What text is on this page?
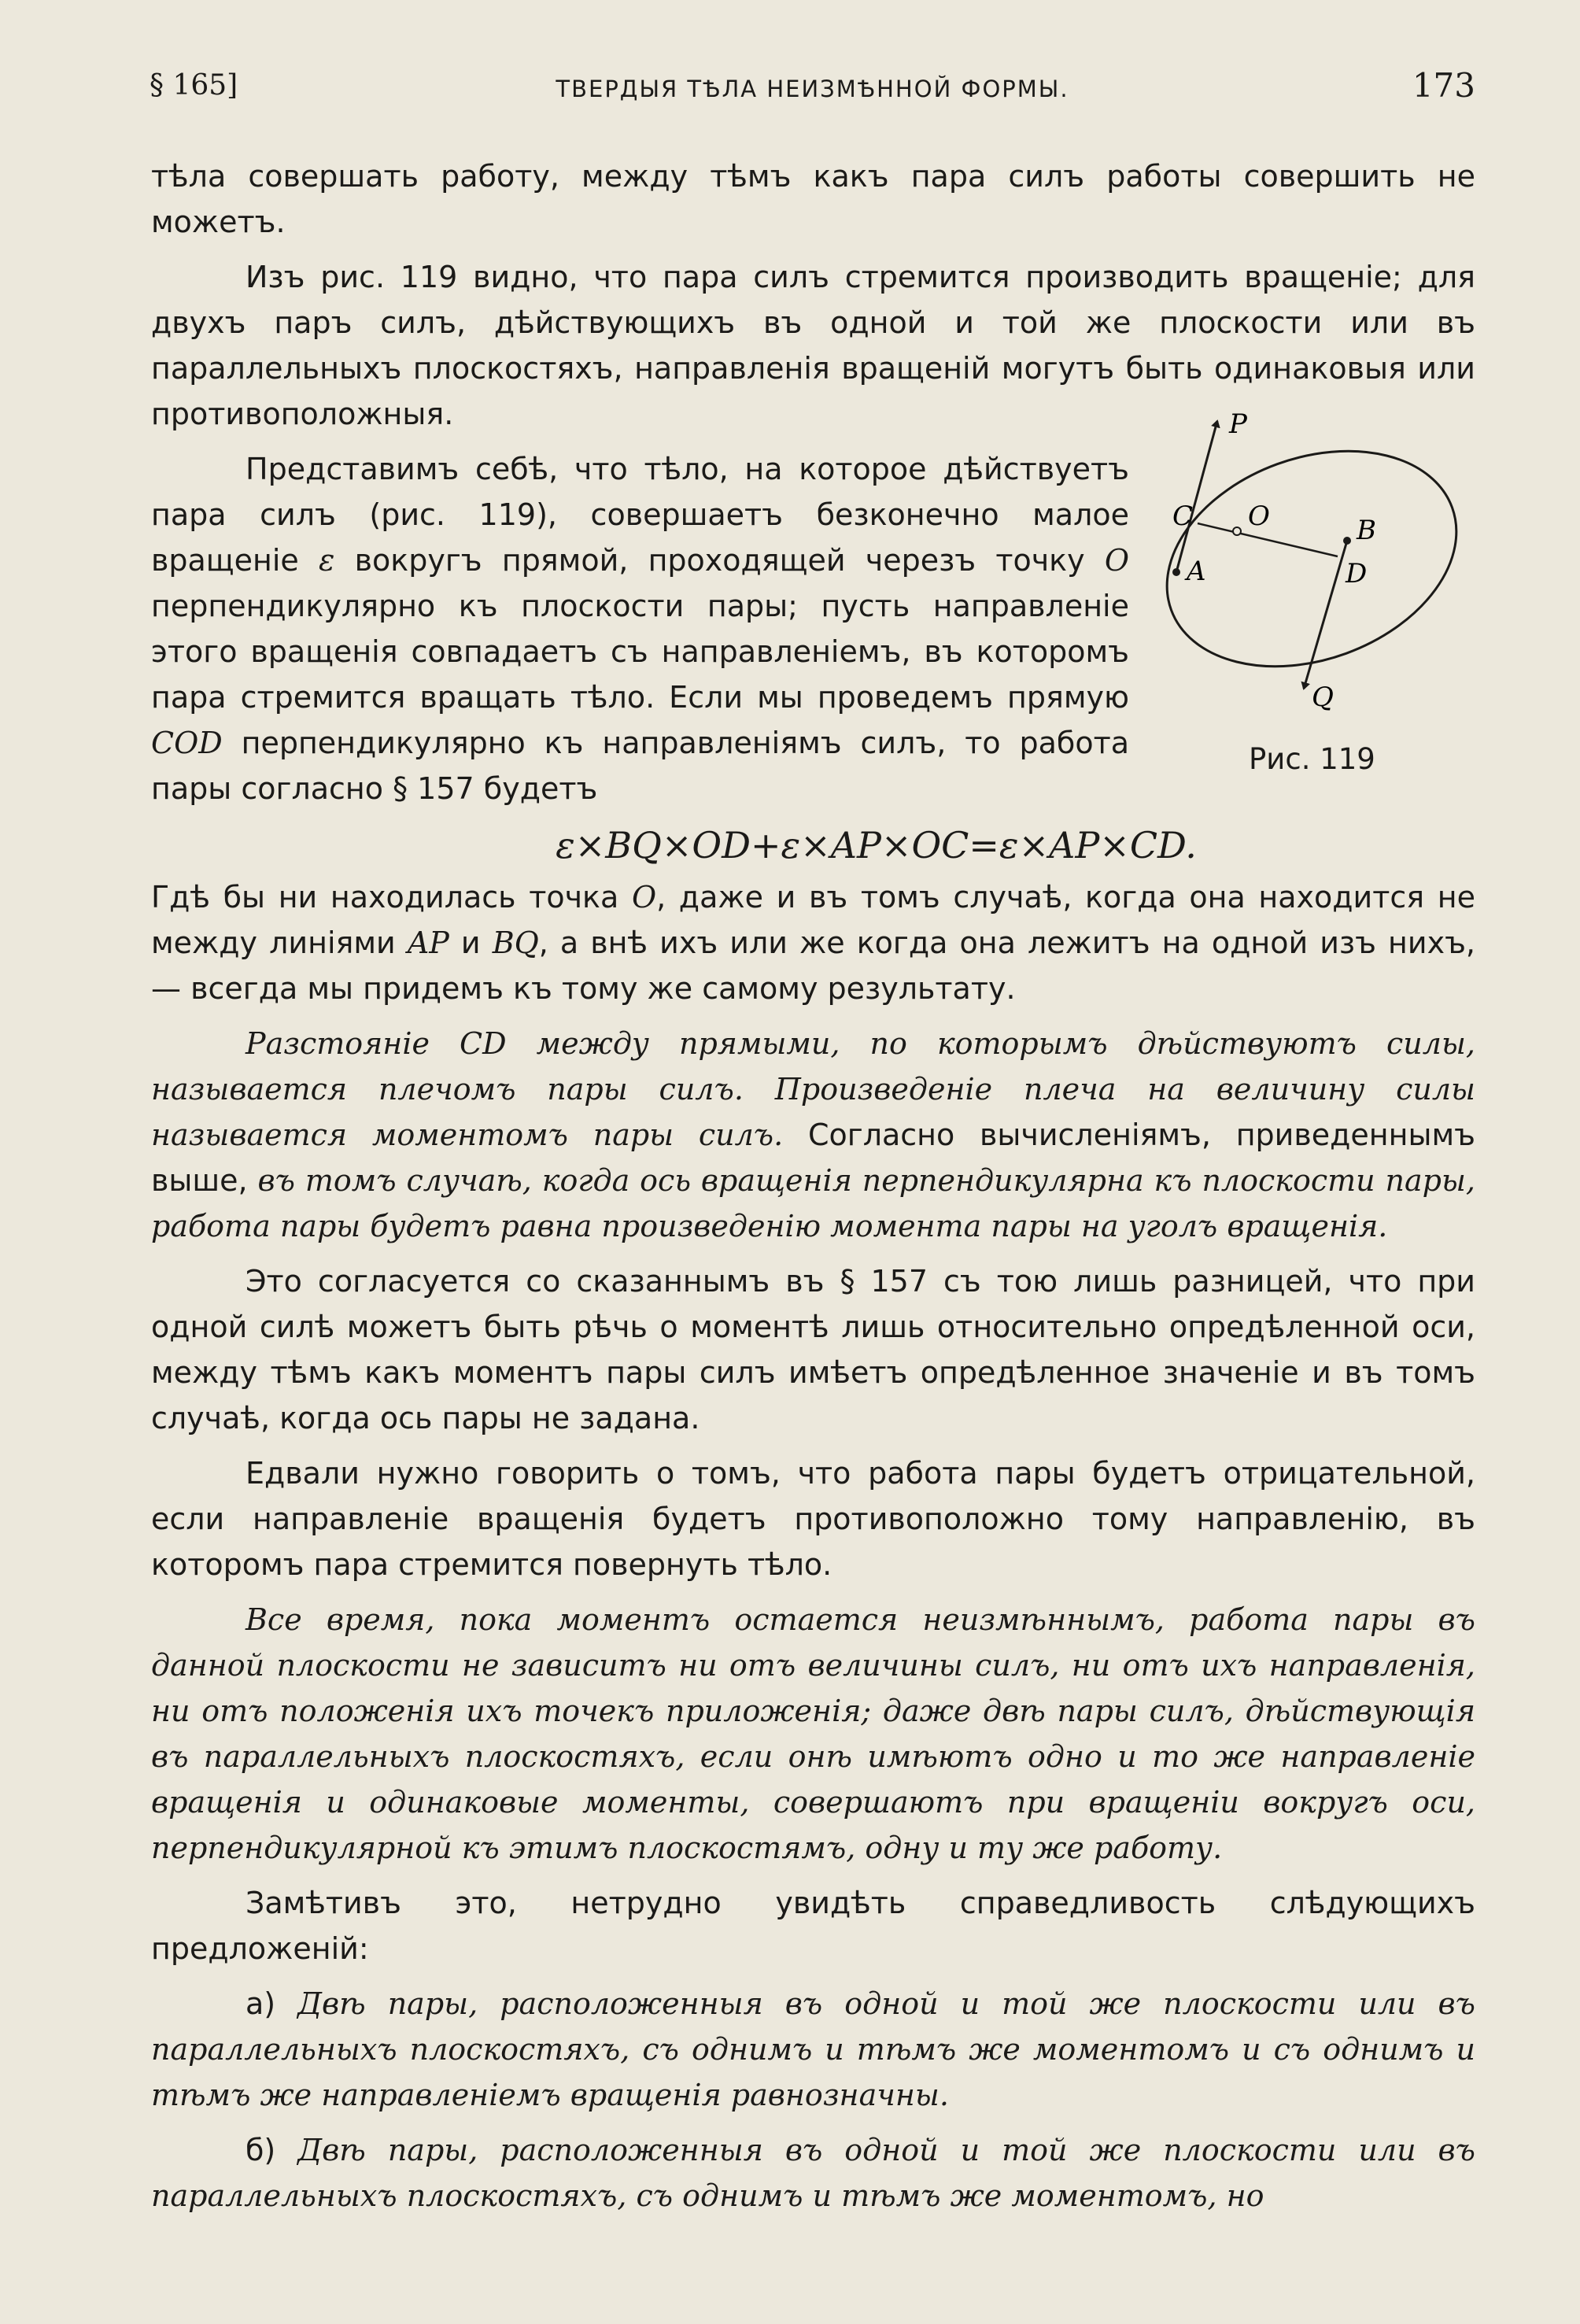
§ 165]	ТВЕРДЫЯ ТѢЛА НЕИЗМѢННОЙ ФОРМЫ.	173
P
C O	B
A	D
Q
Рис. 119

тѣла совершать работу, между тѣмъ какъ пара силъ работы совершить не можетъ.

Изъ рис. 119 видно, что пара силъ стремится производить вращеніе; для двухъ паръ силъ, дѣйствующихъ въ одной и той же плоскости или въ параллельныхъ плоскостяхъ, направленія вращеній могутъ быть одинаковыя или противоположныя.

Представимъ себѣ, что тѣло, на которое дѣйствуетъ пара силъ (рис. 119), совершаетъ безконечно малое вращеніе ε вокругъ прямой, проходящей черезъ точку O перпендикулярно къ плоскости пары; пусть направленіе этого вращенія совпадаетъ съ направленіемъ, въ которомъ пара стремится вращать тѣло. Если мы проведемъ прямую COD перпендикулярно къ направленіямъ силъ, то работа пары согласно § 157 будетъ

ε×BQ×OD+ε×AP×OC=ε×AP×CD.

Гдѣ бы ни находилась точка O, даже и въ томъ случаѣ, когда она находится не между линіями AP и BQ, а внѣ ихъ или же когда она лежитъ на одной изъ нихъ, — всегда мы придемъ къ тому же самому результату.

Разстояніе CD между прямыми, по которымъ дѣйствуютъ силы, называется плечомъ пары силъ. Произведеніе плеча на величину силы называется моментомъ пары силъ. Согласно вычисленіямъ, приведеннымъ выше, въ томъ случаѣ, когда ось вращенія перпендикулярна къ плоскости пары, работа пары будетъ равна произведенію момента пары на уголъ вращенія.

Это согласуется со сказаннымъ въ § 157 съ тою лишь разницей, что при одной силѣ можетъ быть рѣчь о моментѣ лишь относительно опредѣленной оси, между тѣмъ какъ моментъ пары силъ имѣетъ опредѣленное значеніе и въ томъ случаѣ, когда ось пары не задана.

Едвали нужно говорить о томъ, что работа пары будетъ отрицательной, если направленіе вращенія будетъ противоположно тому направленію, въ которомъ пара стремится повернуть тѣло.

Все время, пока моментъ остается неизмѣннымъ, работа пары въ данной плоскости не зависитъ ни отъ величины силъ, ни отъ ихъ направленія, ни отъ положенія ихъ точекъ приложенія; даже двѣ пары силъ, дѣйствующія въ параллельныхъ плоскостяхъ, если онѣ имѣютъ одно и то же направленіе вращенія и одинаковые моменты, совершаютъ при вращеніи вокругъ оси, перпендикулярной къ этимъ плоскостямъ, одну и ту же работу.

Замѣтивъ это, нетрудно увидѣть справедливость слѣдующихъ предложеній:

а) Двѣ пары, расположенныя въ одной и той же плоскости или въ параллельныхъ плоскостяхъ, съ однимъ и тѣмъ же моментомъ и съ однимъ и тѣмъ же направленіемъ вращенія равнозначны.

б) Двѣ пары, расположенныя въ одной и той же плоскости или въ параллельныхъ плоскостяхъ, съ однимъ и тѣмъ же моментомъ, но
